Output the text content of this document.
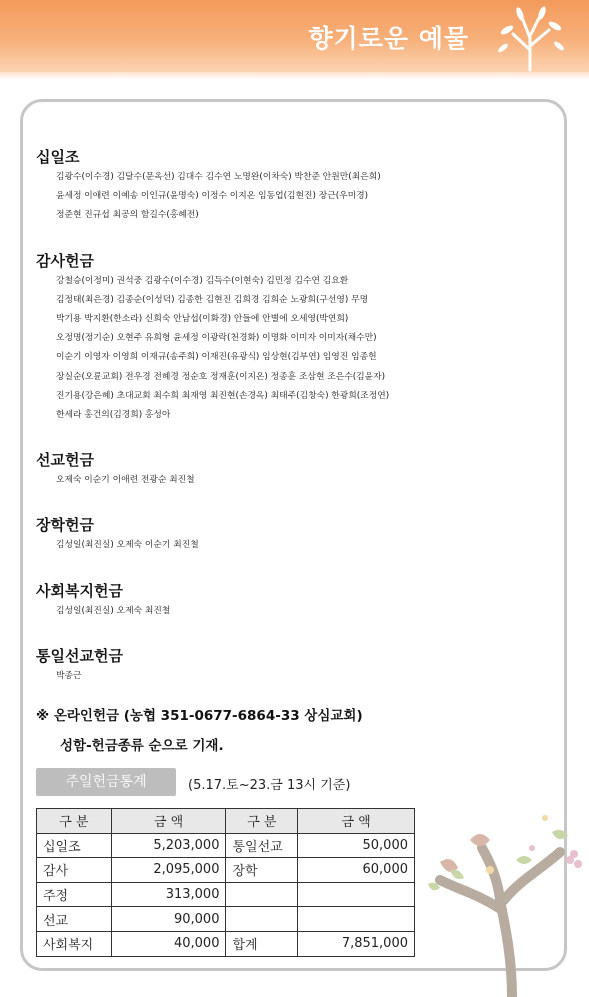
향기로운 예물
십일조
김광수(이수경) 김달수(문옥선) 김대수 김수연 노명완(이차숙) 박찬준 안원만(최은희)
윤세정 이애련 이예송 이인규(윤명숙) 이정수 이지온 임동업(김현진) 장근(우미경)
정준현 진규섭 최공의 함길수(홍혜전)
감사헌금
강철승(이정미) 권석중 김광수(이수경) 김득수(이현숙) 김민정 김수연 김요환
김정태(최은경) 김종순(이성덕) 김종한 김현진 김희경 김희순 노광희(구선영) 무명
박기용 박지환(한소라) 신희숙 안남섭(이화경) 안들에 안별에 오세영(박연희)
오정명(정기순) 오현주 유희형 윤세정 이광락(천경화) 이명화 이미자 이미자(채수만)
이순기 이영자 이영희 이재규(송주희) 이재진(유광식) 임상현(김부연) 임영진 임종헌
장실순(오륜교회) 전우경 전혜경 정순호 정재훈(이지온) 정종훈 조삼현 조은수(김윤자)
진기용(강은혜) 초대교회 최수희 최재영 최진현(손경옥) 최태주(김창숙) 한광희(조정연)
한세라 홍건의(김경희) 홍성아
선교헌금
오제숙 이순기 이애련 전광순 최진철
장학헌금
김성일(최진실) 오제숙 이순기 최진철
사회복지헌금
김성일(최진실) 오제숙 최진철
통일선교헌금
박종근
※ 온라인헌금 (농협 351-0677-6864-33 상심교회)
성함-헌금종류 순으로 기재.
주일헌금통계	(5.17.토~23.금 13시 기준)
구 분	금 액	구 분	금 액
십일조	5,203,000	통일선교	50,000
감사	2,095,000	장학	60,000
주정	313,000		
선교	90,000		
사회복지	40,000	합계	7,851,000
